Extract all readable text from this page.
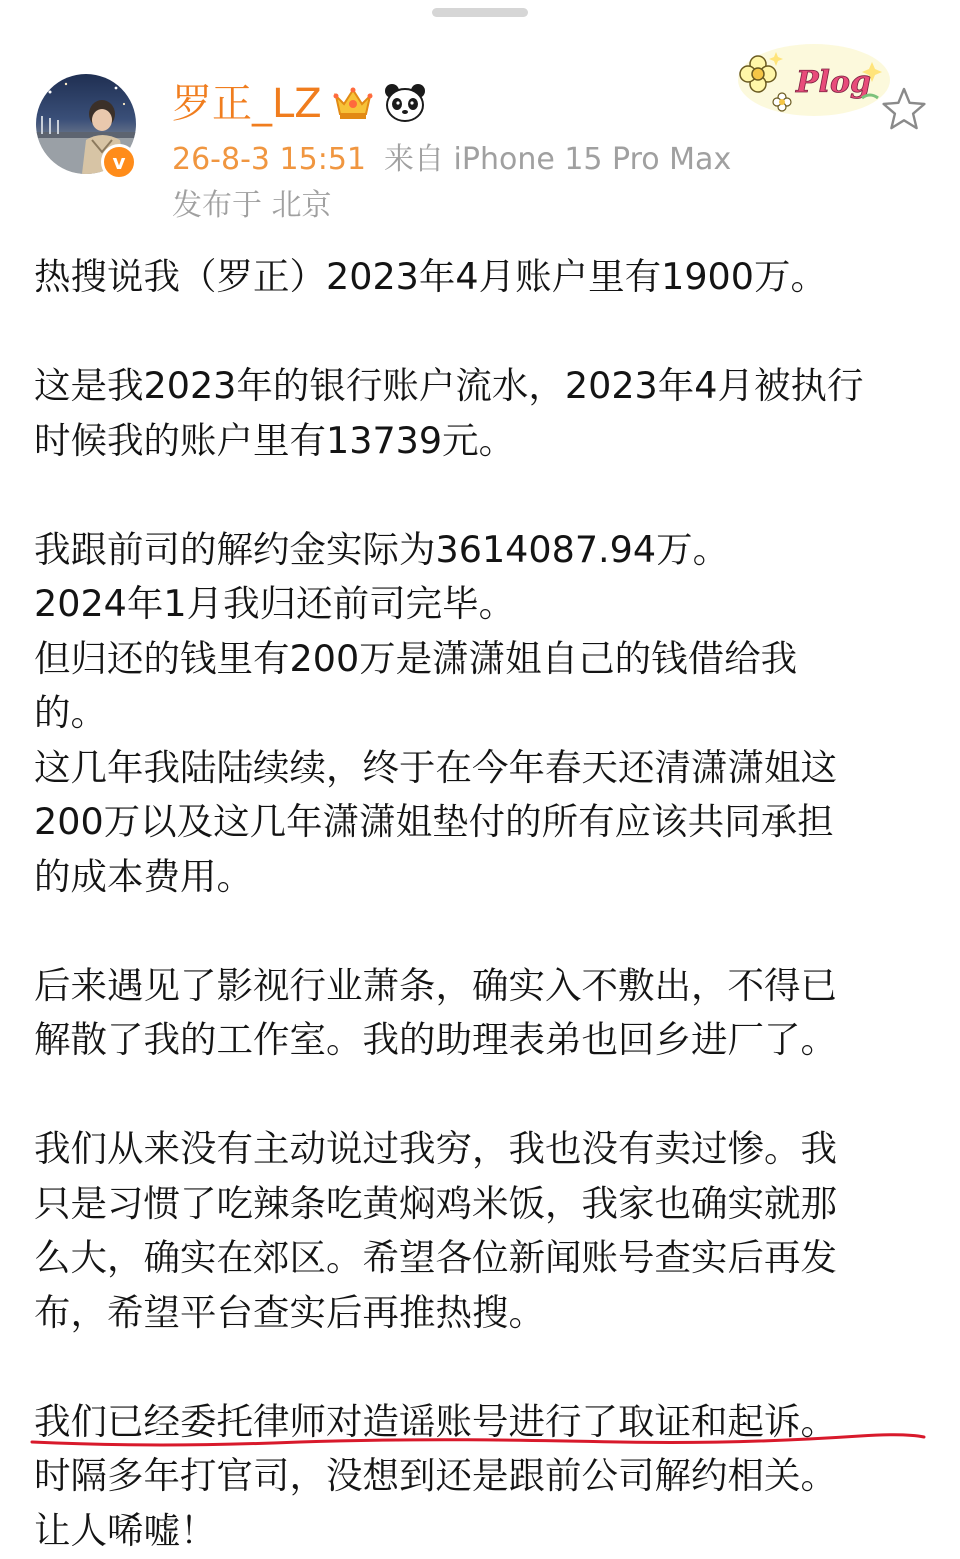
v
罗正_LZ
26-8-3 15:51 来自 iPhone 15 Pro Max
发布于 北京
Plog
热搜说我（罗正）2023年4月账户里有1900万。
这是我2023年的银行账户流水，2023年4月被执行
时候我的账户里有13739元。
我跟前司的解约金实际为3614087.94万。
2024年1月我归还前司完毕。
但归还的钱里有200万是潇潇姐自己的钱借给我
的。
这几年我陆陆续续，终于在今年春天还清潇潇姐这
200万以及这几年潇潇姐垫付的所有应该共同承担
的成本费用。
后来遇见了影视行业萧条，确实入不敷出，不得已
解散了我的工作室。我的助理表弟也回乡进厂了。
我们从来没有主动说过我穷，我也没有卖过惨。我
只是习惯了吃辣条吃黄焖鸡米饭，我家也确实就那
么大，确实在郊区。希望各位新闻账号查实后再发
布，希望平台查实后再推热搜。
我们已经委托律师对造谣账号进行了取证和起诉。
时隔多年打官司，没想到还是跟前公司解约相关。
让人唏嘘！
